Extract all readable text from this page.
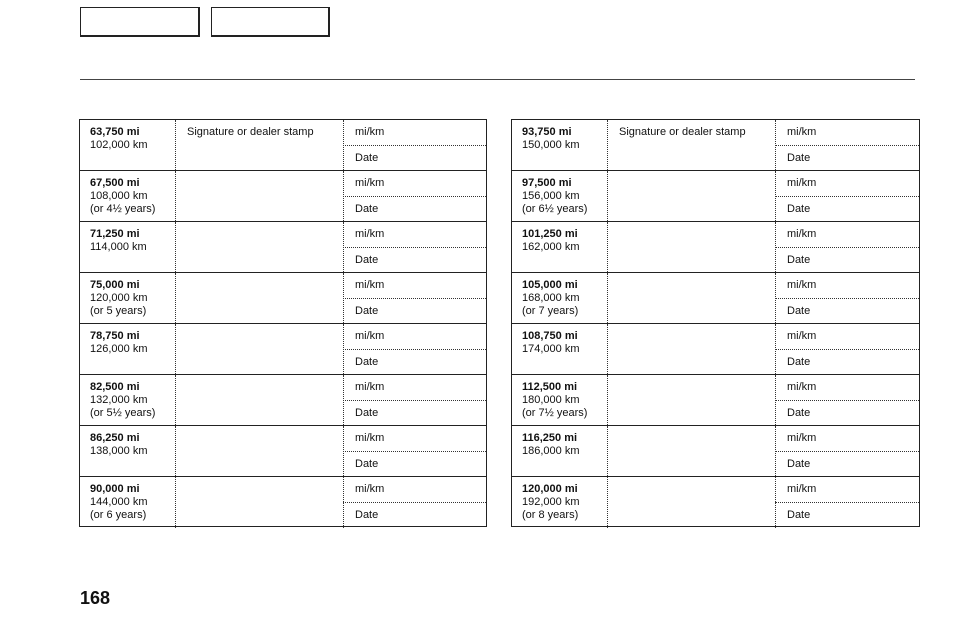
63,750 mi
102,000 km
mi/km
Date
Signature or dealer stamp
67,500 mi
108,000 km
(or 4½ years)
mi/km
Date
71,250 mi
114,000 km
mi/km
Date
75,000 mi
120,000 km
(or 5 years)
mi/km
Date
78,750 mi
126,000 km
mi/km
Date
82,500 mi
132,000 km
(or 5½ years)
mi/km
Date
86,250 mi
138,000 km
mi/km
Date
90,000 mi
144,000 km
(or 6 years)
mi/km
Date
93,750 mi
150,000 km
mi/km
Date
Signature or dealer stamp
97,500 mi
156,000 km
(or 6½ years)
mi/km
Date
101,250 mi
162,000 km
mi/km
Date
105,000 mi
168,000 km
(or 7 years)
mi/km
Date
108,750 mi
174,000 km
mi/km
Date
112,500 mi
180,000 km
(or 7½ years)
mi/km
Date
116,250 mi
186,000 km
mi/km
Date
120,000 mi
192,000 km
(or 8 years)
mi/km
Date
168
